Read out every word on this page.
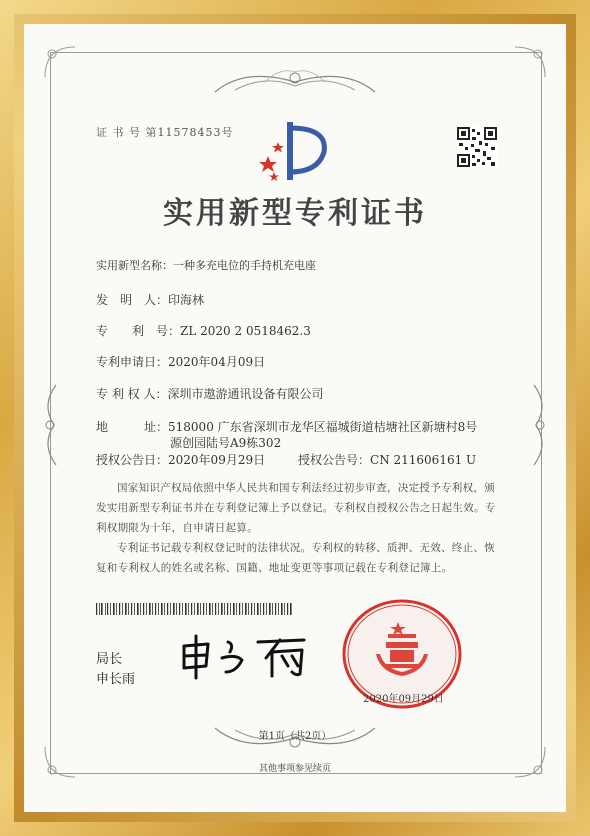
证 书 号 第11578453号
实用新型专利证书
实用新型名称：一种多充电位的手持机充电座
发　明　人：印海林
专　　利　号：ZL 2020 2 0518462.3
专利申请日：2020年04月09日
专 利 权 人：深圳市遨游通讯设备有限公司
地　　　址：518000 广东省深圳市龙华区福城街道桔塘社区新塘村8号
源创园陆号A9栋302
授权公告日：2020年09月29日	授权公告号：CN 211606161 U
国家知识产权局依照中华人民共和国专利法经过初步审查，决定授予专利权，颁发实用新型专利证书并在专利登记簿上予以登记。专利权自授权公告之日起生效。专利权期限为十年，自申请日起算。
专利证书记载专利权登记时的法律状况。专利权的转移、质押、无效、终止、恢复和专利权人的姓名或名称、国籍、地址变更等事项记载在专利登记簿上。
局长
申长雨
2020年09月29日
第1页（共2页）
其他事项参见续页
